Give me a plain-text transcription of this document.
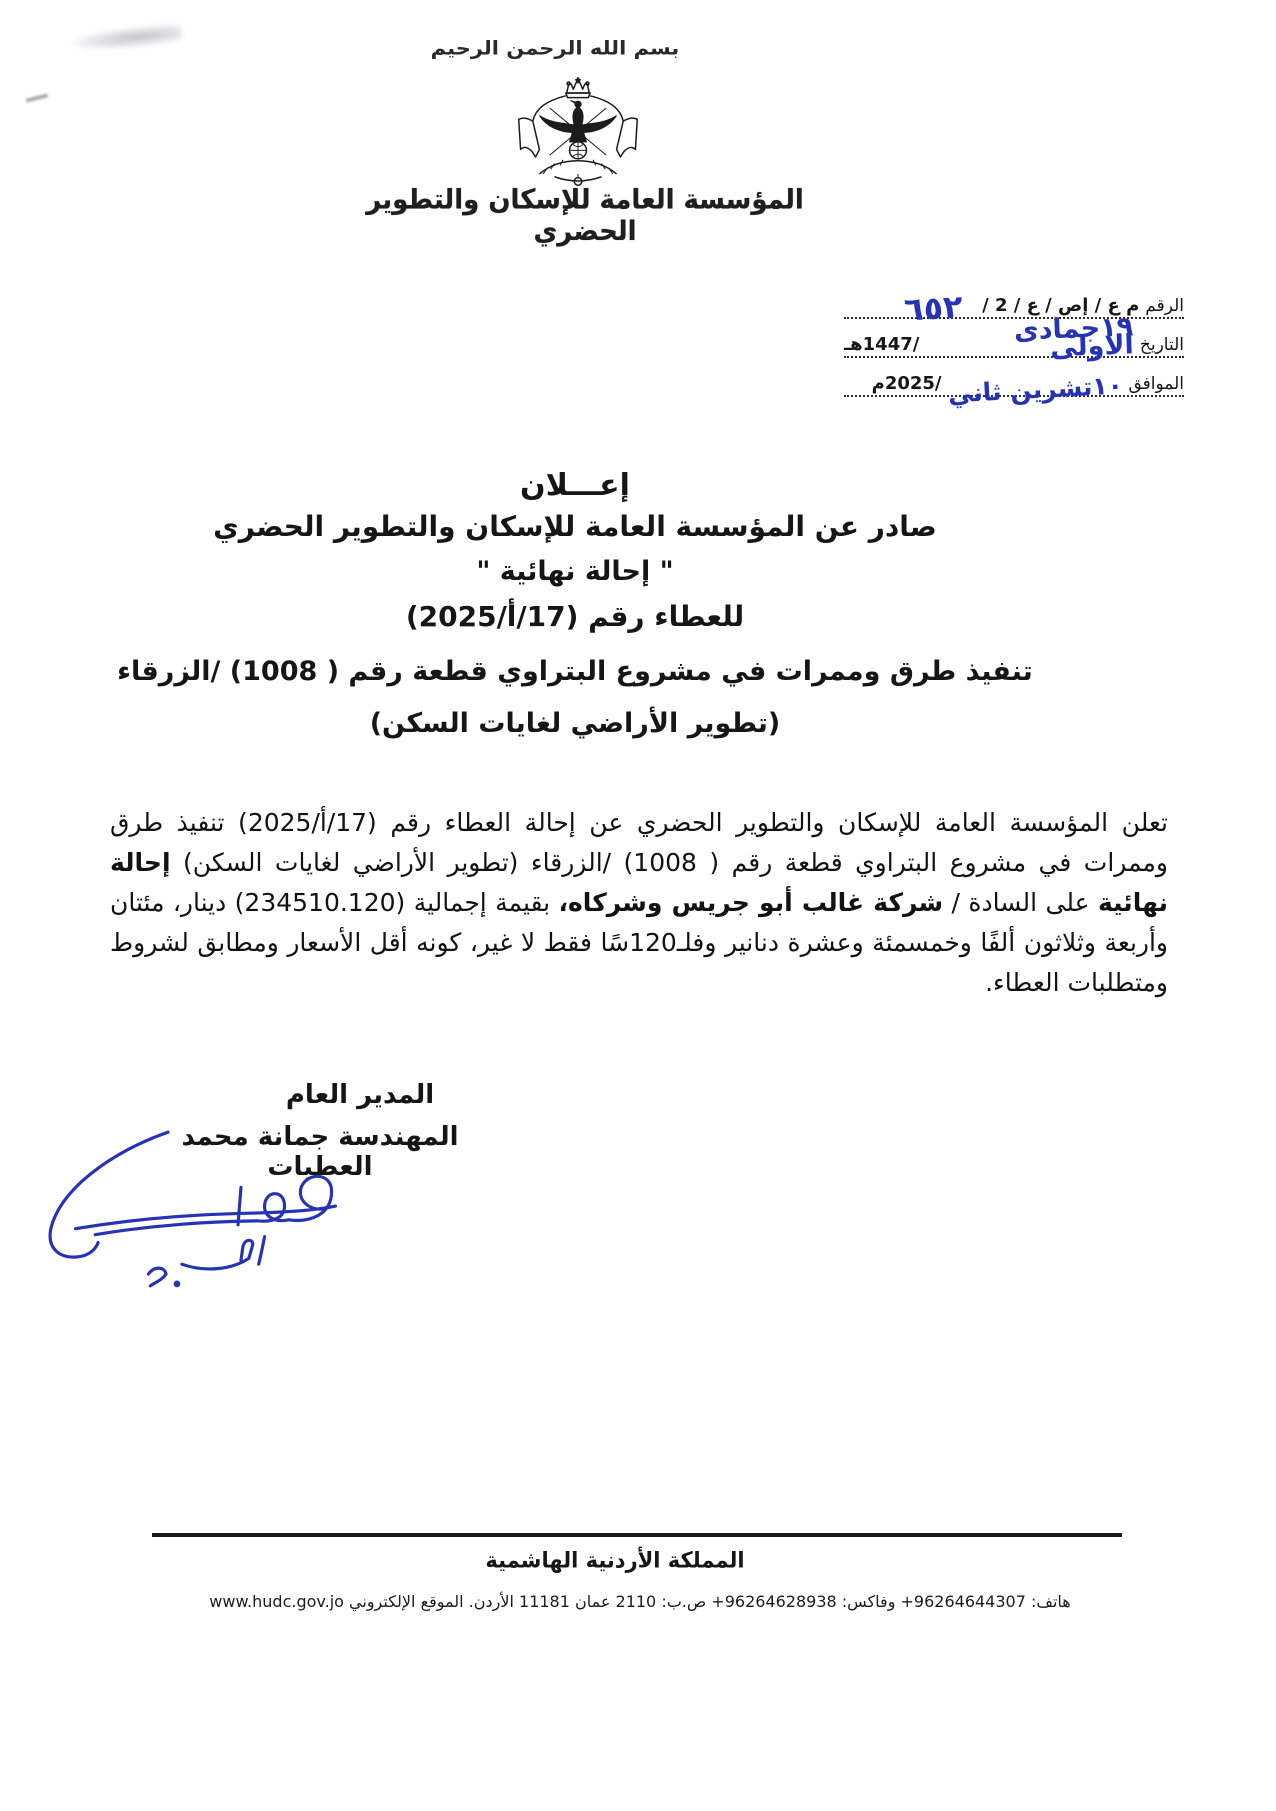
بسم الله الرحمن الرحيم
المؤسسة العامة للإسكان والتطوير الحضري
الرقم
م ع / إص / ع / 2 /
٦٥٢
التاريخ
١٩جمادى الاولى
/1447هـ
الموافق
١٠تشرين ثاني
/2025م
إعـــلان
صادر عن المؤسسة العامة للإسكان والتطوير الحضري
" إحالة نهائية "
للعطاء رقم (17/أ/2025)
تنفيذ طرق وممرات في مشروع البتراوي قطعة رقم ( 1008) /الزرقاء
(تطوير الأراضي لغايات السكن)

تعلن المؤسسة العامة للإسكان والتطوير الحضري عن إحالة العطاء رقم (17/أ/2025) تنفيذ طرق وممرات في مشروع البتراوي قطعة رقم ( 1008) /الزرقاء (تطوير الأراضي لغايات السكن) إحالة نهائية على السادة / شركة غالب أبو جريس وشركاه، بقيمة إجمالية (234510.120) دينار، مئتان وأربعة وثلاثون ألفًا وخمسمئة وعشرة دنانير وفلـ120سًا فقط لا غير، كونه أقل الأسعار ومطابق لشروط ومتطلبات العطاء.

المدير العام
المهندسة جمانة محمد العطيات
المملكة الأردنية الهاشمية
هاتف: 96264644307+ وفاكس: 96264628938+ ص.ب: 2110 عمان 11181 الأردن. الموقع الإلكتروني www.hudc.gov.jo
